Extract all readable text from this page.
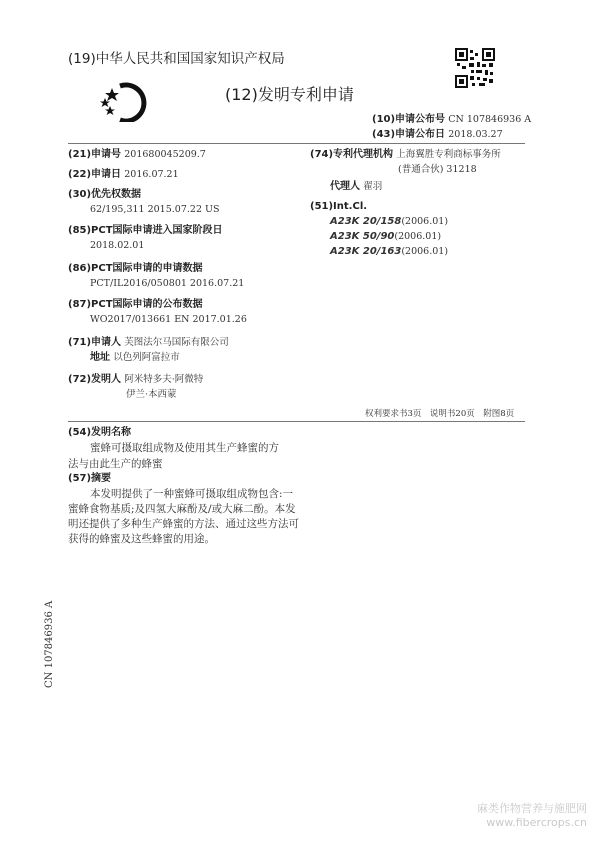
(19)中华人民共和国国家知识产权局
(12)发明专利申请
(10)申请公布号 CN 107846936 A
(43)申请公布日 2018.03.27
(21)申请号 201680045209.7
(22)申请日 2016.07.21
(30)优先权数据
62/195,311 2015.07.22 US
(85)PCT国际申请进入国家阶段日
2018.02.01
(86)PCT国际申请的申请数据
PCT/IL2016/050801 2016.07.21
(87)PCT国际申请的公布数据
WO2017/013661 EN 2017.01.26
(71)申请人 芙图法尔马国际有限公司
地址 以色列阿富拉市
(72)发明人 阿米特多夫·阿微特
伊兰·本西蒙
(74)专利代理机构 上海翼胜专利商标事务所
(普通合伙) 31218
代理人 翟羽
(51)Int.Cl.
A23K 20/158(2006.01)
A23K 50/90(2006.01)
A23K 20/163(2006.01)
权利要求书3页　说明书20页　附图8页
(54)发明名称
蜜蜂可摄取组成物及使用其生产蜂蜜的方
法与由此生产的蜂蜜
(57)摘要
本发明提供了一种蜜蜂可摄取组成物包含:一蜜蜂食物基质;及四氢大麻酚及/或大麻二酚。本发明还提供了多种生产蜂蜜的方法、通过这些方法可获得的蜂蜜及这些蜂蜜的用途。
CN 107846936 A
麻类作物营养与施肥网
www.fibercrops.cn
